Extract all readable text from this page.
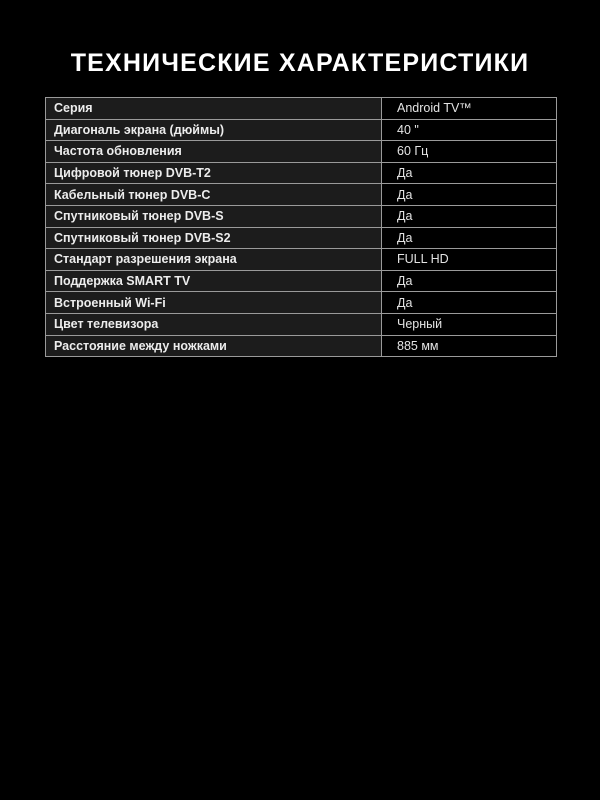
ТЕХНИЧЕСКИЕ ХАРАКТЕРИСТИКИ
Серия	Android TV™
Диагональ экрана (дюймы)	40 "
Частота обновления	60 Гц
Цифровой тюнер DVB-T2	Да
Кабельный тюнер DVB-C	Да
Спутниковый тюнер DVB-S	Да
Спутниковый тюнер DVB-S2	Да
Стандарт разрешения экрана	FULL HD
Поддержка SMART TV	Да
Встроенный Wi-Fi	Да
Цвет телевизора	Черный
Расстояние между ножками	885 мм
